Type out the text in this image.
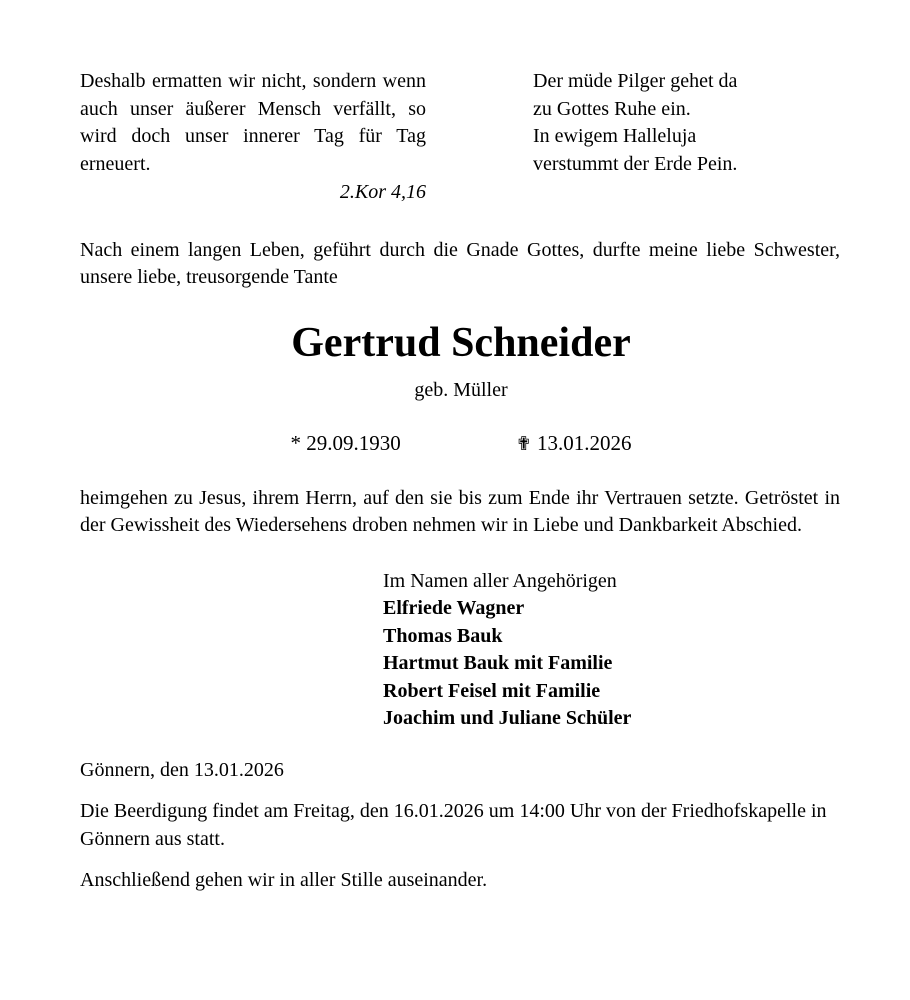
Deshalb ermatten wir nicht, sondern wenn auch unser äußerer Mensch verfällt, so wird doch unser innerer Tag für Tag erneuert.
2.Kor 4,16
Der müde Pilger gehet da
zu Gottes Ruhe ein.
In ewigem Halleluja
verstummt der Erde Pein.
Nach einem langen Leben, geführt durch die Gnade Gottes, durfte meine liebe Schwester, unsere liebe, treusorgende Tante
Gertrud Schneider
geb. Müller
* 29.09.1930	✟ 13.01.2026
heimgehen zu Jesus, ihrem Herrn, auf den sie bis zum Ende ihr Vertrauen setzte. Getröstet in der Gewissheit des Wiedersehens droben nehmen wir in Liebe und Dankbarkeit Abschied.
Im Namen aller Angehörigen
Elfriede Wagner
Thomas Bauk
Hartmut Bauk mit Familie
Robert Feisel mit Familie
Joachim und Juliane Schüler
Gönnern, den 13.01.2026
Die Beerdigung findet am Freitag, den 16.01.2026 um 14:00 Uhr von der Friedhofskapelle in Gönnern aus statt.
Anschließend gehen wir in aller Stille auseinander.
